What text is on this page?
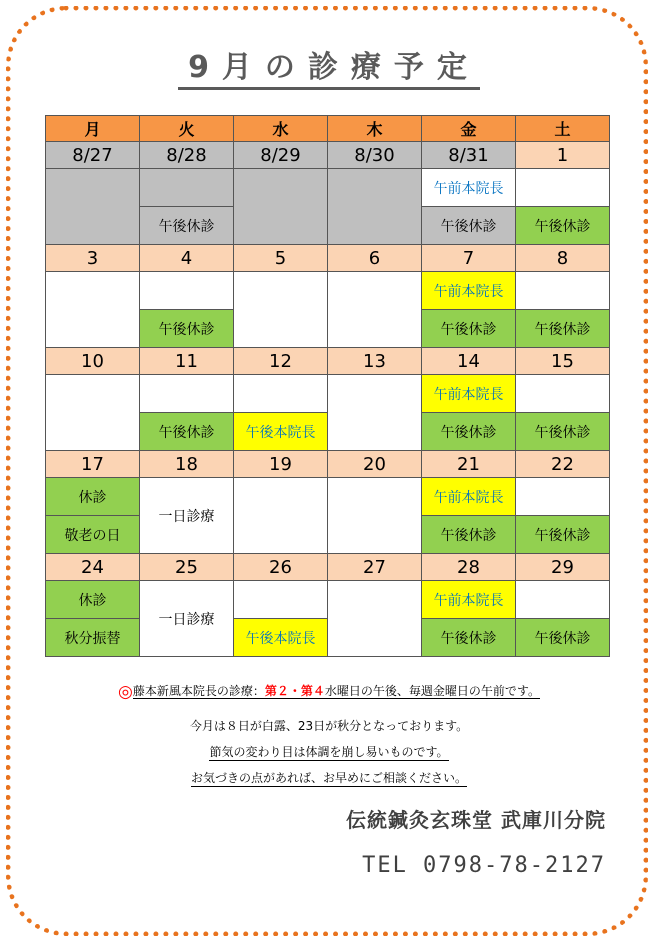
9月の診療予定
月	火	水	木	金	土
8/27	8/28	8/29	8/30	8/31	1
				午前本院長	
	午後休診			午後休診	午後休診
3	4	5	6	7	8
				午前本院長	
	午後休診			午後休診	午後休診
10	11	12	13	14	15
				午前本院長	
	午後休診	午後本院長		午後休診	午後休診
17	18	19	20	21	22
休診	一日診療			午前本院長	
敬老の日				午後休診	午後休診
24	25	26	27	28	29
休診	一日診療			午前本院長	
秋分振替		午後本院長		午後休診	午後休診
◎藤本新風本院長の診療：第２・第４水曜日の午後、毎週金曜日の午前です。
今月は８日が白露、23日が秋分となっております。
節気の変わり目は体調を崩し易いものです。
お気づきの点があれば、お早めにご相談ください。
伝統鍼灸玄珠堂 武庫川分院
TEL 0798-78-2127
